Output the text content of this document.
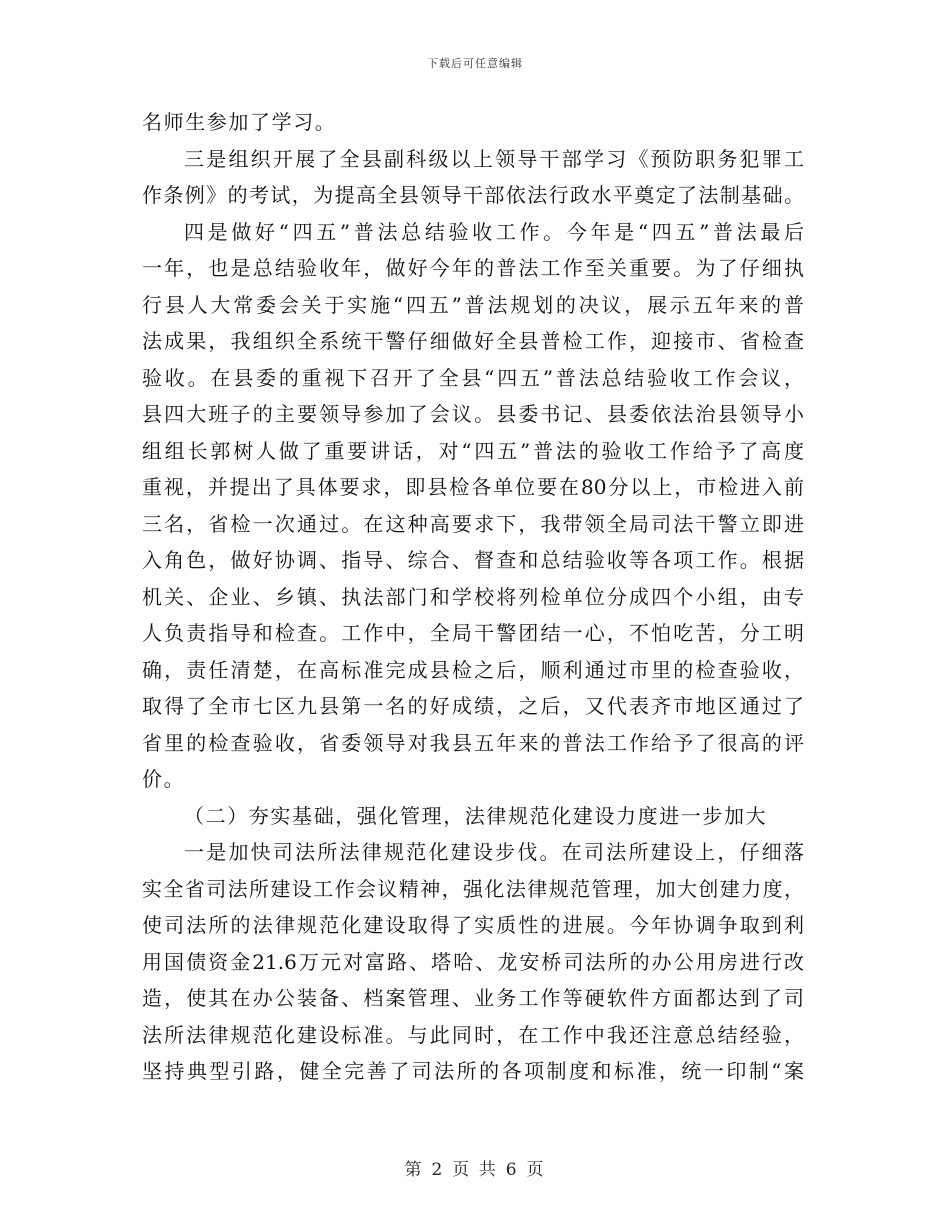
下载后可任意编辑
名师生参加了学习。
三是组织开展了全县副科级以上领导干部学习《预防职务犯罪工
作条例》的考试，为提高全县领导干部依法行政水平奠定了法制基础。
四是做好“四五”普法总结验收工作。今年是“四五”普法最后
一年，也是总结验收年，做好今年的普法工作至关重要。为了仔细执
行县人大常委会关于实施“四五”普法规划的决议，展示五年来的普
法成果，我组织全系统干警仔细做好全县普检工作，迎接市、省检查
验收。在县委的重视下召开了全县“四五”普法总结验收工作会议，
县四大班子的主要领导参加了会议。县委书记、县委依法治县领导小
组组长郭树人做了重要讲话，对“四五”普法的验收工作给予了高度
重视，并提出了具体要求，即县检各单位要在80分以上，市检进入前
三名，省检一次通过。在这种高要求下，我带领全局司法干警立即进
入角色，做好协调、指导、综合、督查和总结验收等各项工作。根据
机关、企业、乡镇、执法部门和学校将列检单位分成四个小组，由专
人负责指导和检查。工作中，全局干警团结一心，不怕吃苦，分工明
确，责任清楚，在高标准完成县检之后，顺利通过市里的检查验收，
取得了全市七区九县第一名的好成绩，之后，又代表齐市地区通过了
省里的检查验收，省委领导对我县五年来的普法工作给予了很高的评
价。
（二）夯实基础，强化管理，法律规范化建设力度进一步加大
一是加快司法所法律规范化建设步伐。在司法所建设上，仔细落
实全省司法所建设工作会议精神，强化法律规范管理，加大创建力度，
使司法所的法律规范化建设取得了实质性的进展。今年协调争取到利
用国债资金21.6万元对富路、塔哈、龙安桥司法所的办公用房进行改
造，使其在办公装备、档案管理、业务工作等硬软件方面都达到了司
法所法律规范化建设标准。与此同时，在工作中我还注意总结经验，
坚持典型引路，健全完善了司法所的各项制度和标准，统一印制“案
第 2 页 共 6 页
